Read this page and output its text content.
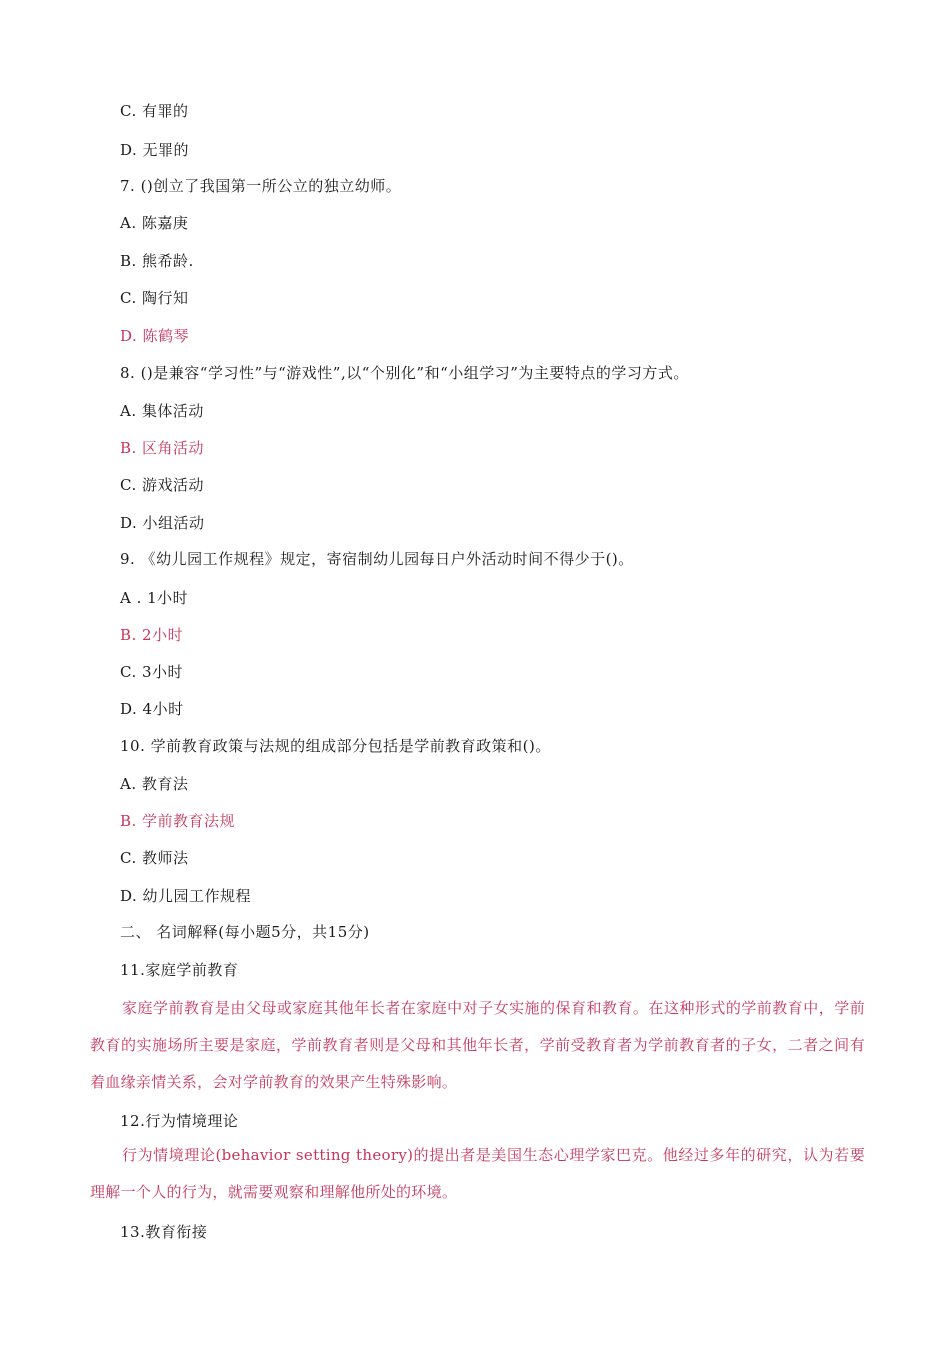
C. 有罪的
D. 无罪的
7. ()创立了我国第一所公立的独立幼师。
A. 陈嘉庚
B. 熊希龄.
C. 陶行知
D. 陈鹤琴
8. ()是兼容“学习性”与“游戏性”,以“个别化”和“小组学习”为主要特点的学习方式。
A. 集体活动
B. 区角活动
C. 游戏活动
D. 小组活动
9. 《幼儿园工作规程》规定，寄宿制幼儿园每日户外活动时间不得少于()。
A . 1小时
B. 2小时
C. 3小时
D. 4小时
10. 学前教育政策与法规的组成部分包括是学前教育政策和()。
A. 教育法
B. 学前教育法规
C. 教师法
D. 幼儿园工作规程
二、 名词解释(每小题5分，共15分)
11.家庭学前教育
家庭学前教育是由父母或家庭其他年长者在家庭中对子女实施的保育和教育。在这种形式的学前教育中，学前教育的实施场所主要是家庭，学前教育者则是父母和其他年长者，学前受教育者为学前教育者的子女，二者之间有着血缘亲情关系，会对学前教育的效果产生特殊影响。
12.行为情境理论
行为情境理论(behavior setting theory)的提出者是美国生态心理学家巴克。他经过多年的研究，认为若要理解一个人的行为，就需要观察和理解他所处的环境。
13.教育衔接
